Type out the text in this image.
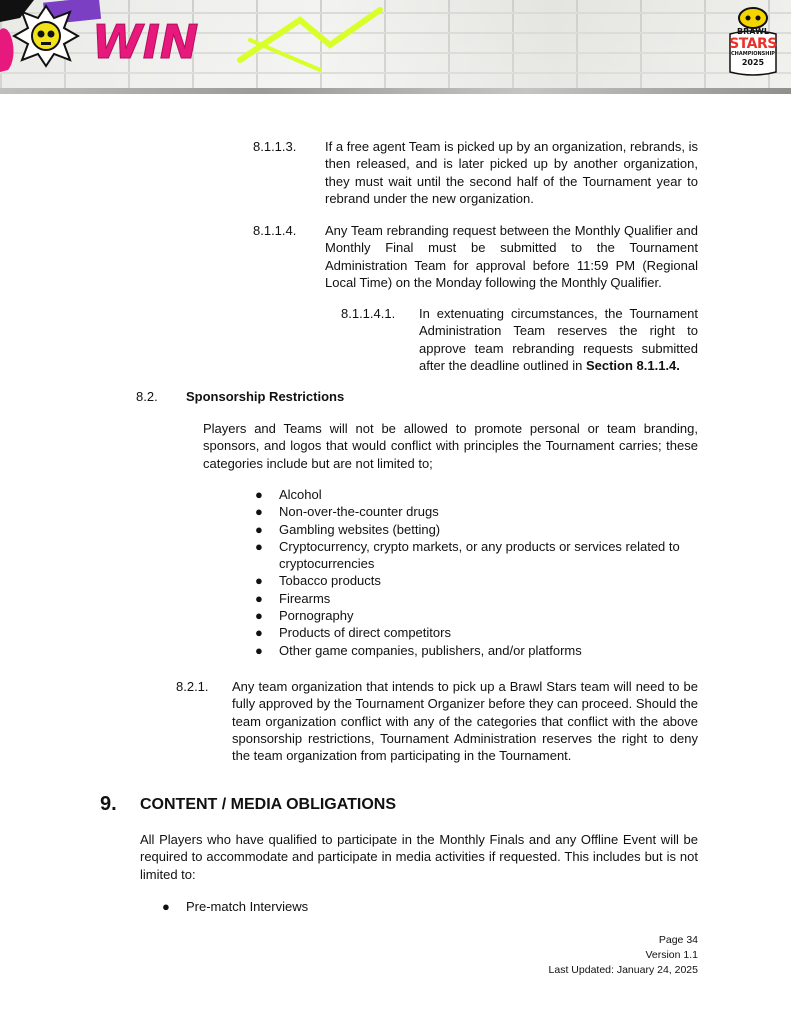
WIN	BRAWL
STARS
CHAMPIONSHIP
2025
8.1.1.3. If a free agent Team is picked up by an organization, rebrands, is then released, and is later picked up by another organization, they must wait until the second half of the Tournament year to rebrand under the new organization.
8.1.1.4. Any Team rebranding request between the Monthly Qualifier and Monthly Final must be submitted to the Tournament Administration Team for approval before 11:59 PM (Regional Local Time) on the Monday following the Monthly Qualifier.
8.1.1.4.1. In extenuating circumstances, the Tournament Administration Team reserves the right to approve team rebranding requests submitted after the deadline outlined in Section 8.1.1.4.
8.2. Sponsorship Restrictions
Players and Teams will not be allowed to promote personal or team branding, sponsors, and logos that would conflict with principles the Tournament carries; these categories include but are not limited to;
● Alcohol
● Non-over-the-counter drugs
● Gambling websites (betting)
● Cryptocurrency, crypto markets, or any products or services related to cryptocurrencies
● Tobacco products
● Firearms
● Pornography
● Products of direct competitors
● Other game companies, publishers, and/or platforms
8.2.1. Any team organization that intends to pick up a Brawl Stars team will need to be fully approved by the Tournament Organizer before they can proceed. Should the team organization conflict with any of the categories that conflict with the above sponsorship restrictions, Tournament Administration reserves the right to deny the team organization from participating in the Tournament.
9. CONTENT / MEDIA OBLIGATIONS
All Players who have qualified to participate in the Monthly Finals and any Offline Event will be required to accommodate and participate in media activities if requested. This includes but is not limited to:
● Pre-match Interviews
Page 34
Version 1.1
Last Updated: January 24, 2025
